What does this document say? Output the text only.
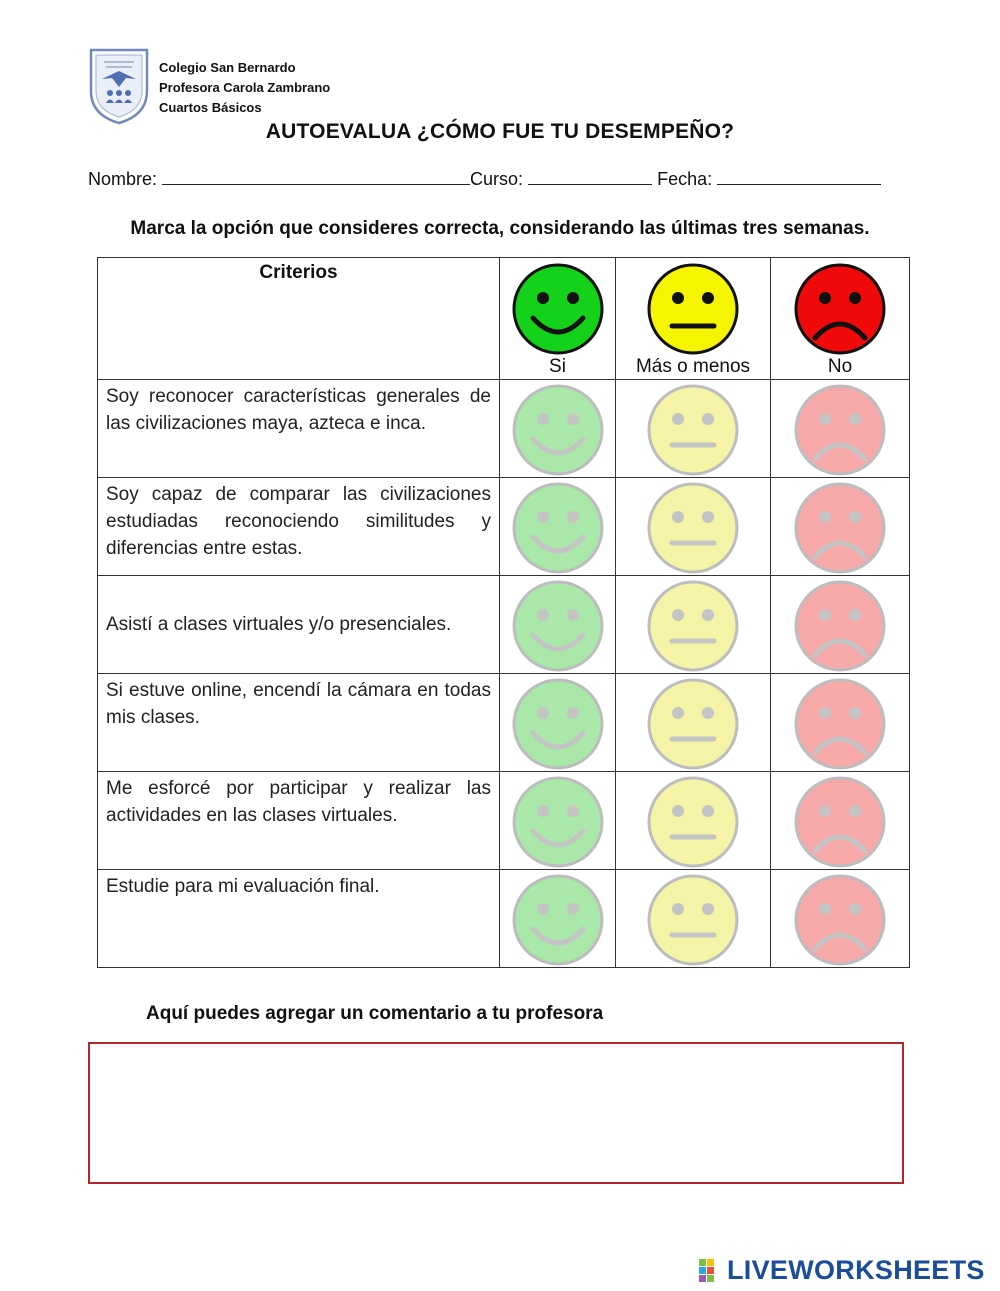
Colegio San Bernardo
Profesora Carola Zambrano
Cuartos Básicos
AUTOEVALUA ¿CÓMO FUE TU DESEMPEÑO?
Nombre:	Curso:	Fecha:
Marca la opción que consideres correcta, considerando las últimas tres semanas.
Criterios	Si	Más o menos	No

Soy reconocer características generales de las civilizaciones maya, azteca e inca.	

Soy capaz de comparar las civilizaciones estudiadas reconociendo similitudes y diferencias entre estas.	

Asistí a clases virtuales y/o presenciales.	

Si estuve online, encendí la cámara en todas mis clases.	

Me esforcé por participar y realizar las actividades en las clases virtuales.	

Estudie para mi evaluación final.	

Aquí puedes agregar un comentario a tu profesora
LIVEWORKSHEETS
